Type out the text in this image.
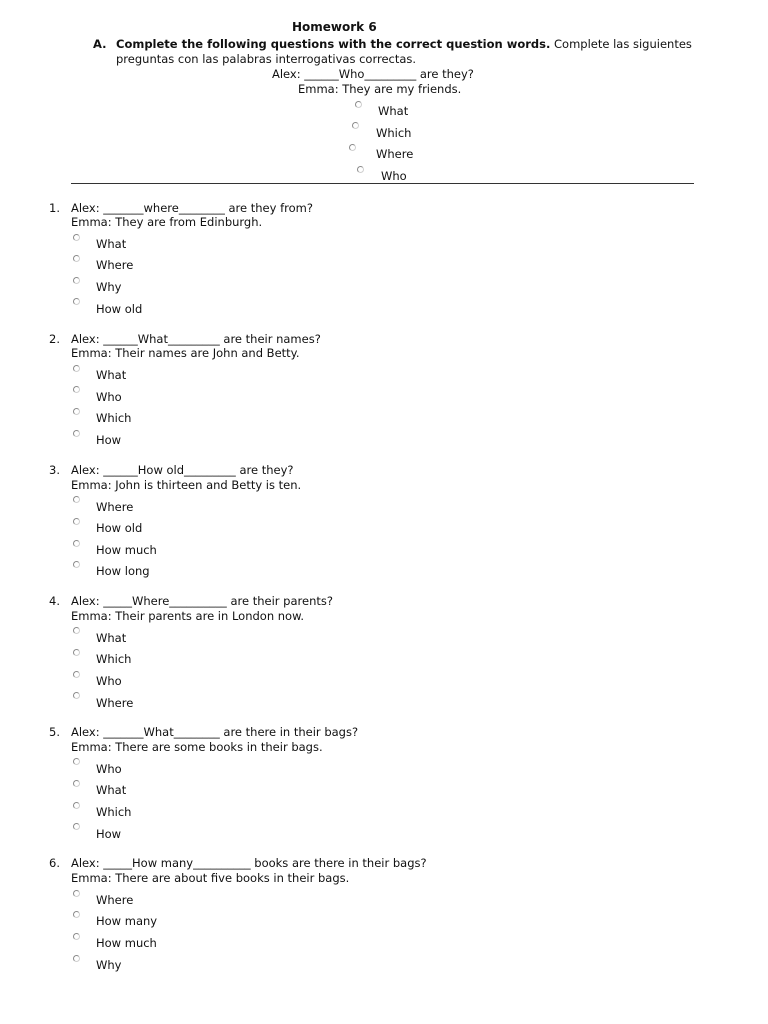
Homework 6
A. Complete the following questions with the correct question words. Complete las siguientes
preguntas con las palabras interrogativas correctas.
Alex: ______Who_________ are they?
Emma: They are my friends.
What
Which
Where
Who
1. Alex: _______where________ are they from?
Emma: They are from Edinburgh.
What
Where
Why
How old
2. Alex: ______What_________ are their names?
Emma: Their names are John and Betty.
What
Who
Which
How
3. Alex: ______How old_________ are they?
Emma: John is thirteen and Betty is ten.
Where
How old
How much
How long
4. Alex: _____Where__________ are their parents?
Emma: Their parents are in London now.
What
Which
Who
Where
5. Alex: _______What________ are there in their bags?
Emma: There are some books in their bags.
Who
What
Which
How
6. Alex: _____How many__________ books are there in their bags?
Emma: There are about five books in their bags.
Where
How many
How much
Why
